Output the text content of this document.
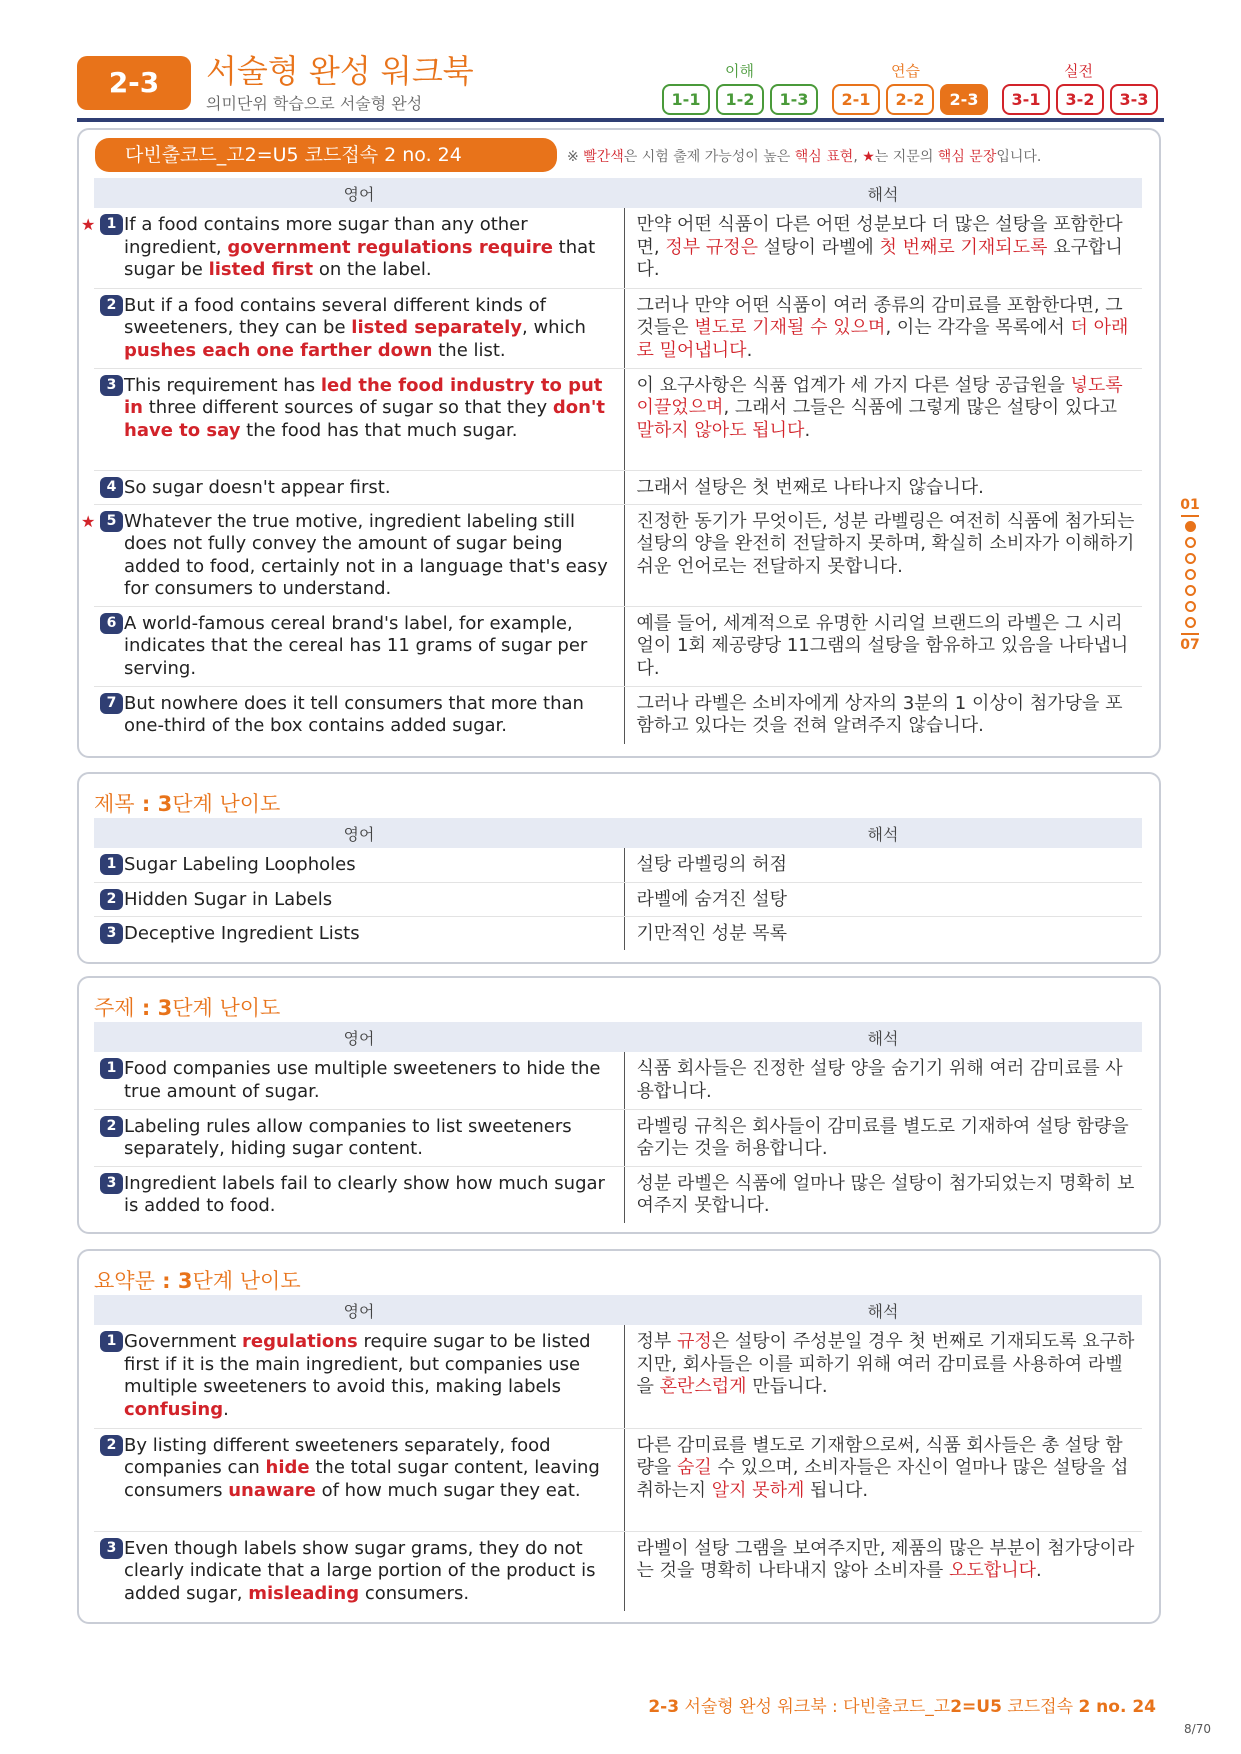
2-3	서술형 완성 워크북
의미단위 학습으로 서술형 완성
이해	연습	실전
1-1	1-2	1-3	2-1	2-2	2-3	3-1	3-2	3-3
다빈출코드_고2=U5 코드접속 2 no. 24	※ 빨간색은 시험 출제 가능성이 높은 핵심 표현, ★는 지문의 핵심 문장입니다.
영어	해석

★ 1 If a food contains more sugar than any other ingredient, government regulations require that sugar be listed first on the label.	만약 어떤 식품이 다른 어떤 성분보다 더 많은 설탕을 포함한다면, 정부 규정은 설탕이 라벨에 첫 번째로 기재되도록 요구합니다.

2 But if a food contains several different kinds of sweeteners, they can be listed separately, which pushes each one farther down the list.	그러나 만약 어떤 식품이 여러 종류의 감미료를 포함한다면, 그것들은 별도로 기재될 수 있으며, 이는 각각을 목록에서 더 아래로 밀어냅니다.

3 This requirement has led the food industry to put in three different sources of sugar so that they don't have to say the food has that much sugar.	이 요구사항은 식품 업계가 세 가지 다른 설탕 공급원을 넣도록 이끌었으며, 그래서 그들은 식품에 그렇게 많은 설탕이 있다고 말하지 않아도 됩니다.

4 So sugar doesn't appear first.	그래서 설탕은 첫 번째로 나타나지 않습니다.

★ 5 Whatever the true motive, ingredient labeling still does not fully convey the amount of sugar being added to food, certainly not in a language that's easy for consumers to understand.	진정한 동기가 무엇이든, 성분 라벨링은 여전히 식품에 첨가되는 설탕의 양을 완전히 전달하지 못하며, 확실히 소비자가 이해하기 쉬운 언어로는 전달하지 못합니다.

6 A world-famous cereal brand's label, for example, indicates that the cereal has 11 grams of sugar per serving.	예를 들어, 세계적으로 유명한 시리얼 브랜드의 라벨은 그 시리얼이 1회 제공량당 11그램의 설탕을 함유하고 있음을 나타냅니다.

7 But nowhere does it tell consumers that more than one-third of the box contains added sugar.	그러나 라벨은 소비자에게 상자의 3분의 1 이상이 첨가당을 포함하고 있다는 것을 전혀 알려주지 않습니다.
제목 : 3단계 난이도
영어	해석

1 Sugar Labeling Loopholes	설탕 라벨링의 허점

2 Hidden Sugar in Labels	라벨에 숨겨진 설탕

3 Deceptive Ingredient Lists	기만적인 성분 목록
주제 : 3단계 난이도
영어	해석

1 Food companies use multiple sweeteners to hide the true amount of sugar.	식품 회사들은 진정한 설탕 양을 숨기기 위해 여러 감미료를 사용합니다.

2 Labeling rules allow companies to list sweeteners separately, hiding sugar content.	라벨링 규칙은 회사들이 감미료를 별도로 기재하여 설탕 함량을 숨기는 것을 허용합니다.

3 Ingredient labels fail to clearly show how much sugar is added to food.	성분 라벨은 식품에 얼마나 많은 설탕이 첨가되었는지 명확히 보여주지 못합니다.
요약문 : 3단계 난이도
영어	해석

1 Government regulations require sugar to be listed first if it is the main ingredient, but companies use multiple sweeteners to avoid this, making labels confusing.	정부 규정은 설탕이 주성분일 경우 첫 번째로 기재되도록 요구하지만, 회사들은 이를 피하기 위해 여러 감미료를 사용하여 라벨을 혼란스럽게 만듭니다.

2 By listing different sweeteners separately, food companies can hide the total sugar content, leaving consumers unaware of how much sugar they eat.	다른 감미료를 별도로 기재함으로써, 식품 회사들은 총 설탕 함량을 숨길 수 있으며, 소비자들은 자신이 얼마나 많은 설탕을 섭취하는지 알지 못하게 됩니다.

3 Even though labels show sugar grams, they do not clearly indicate that a large portion of the product is added sugar, misleading consumers.	라벨이 설탕 그램을 보여주지만, 제품의 많은 부분이 첨가당이라는 것을 명확히 나타내지 않아 소비자를 오도합니다.
01
07
2-3 서술형 완성 워크북 : 다빈출코드_고2=U5 코드접속 2 no. 24
8/70
